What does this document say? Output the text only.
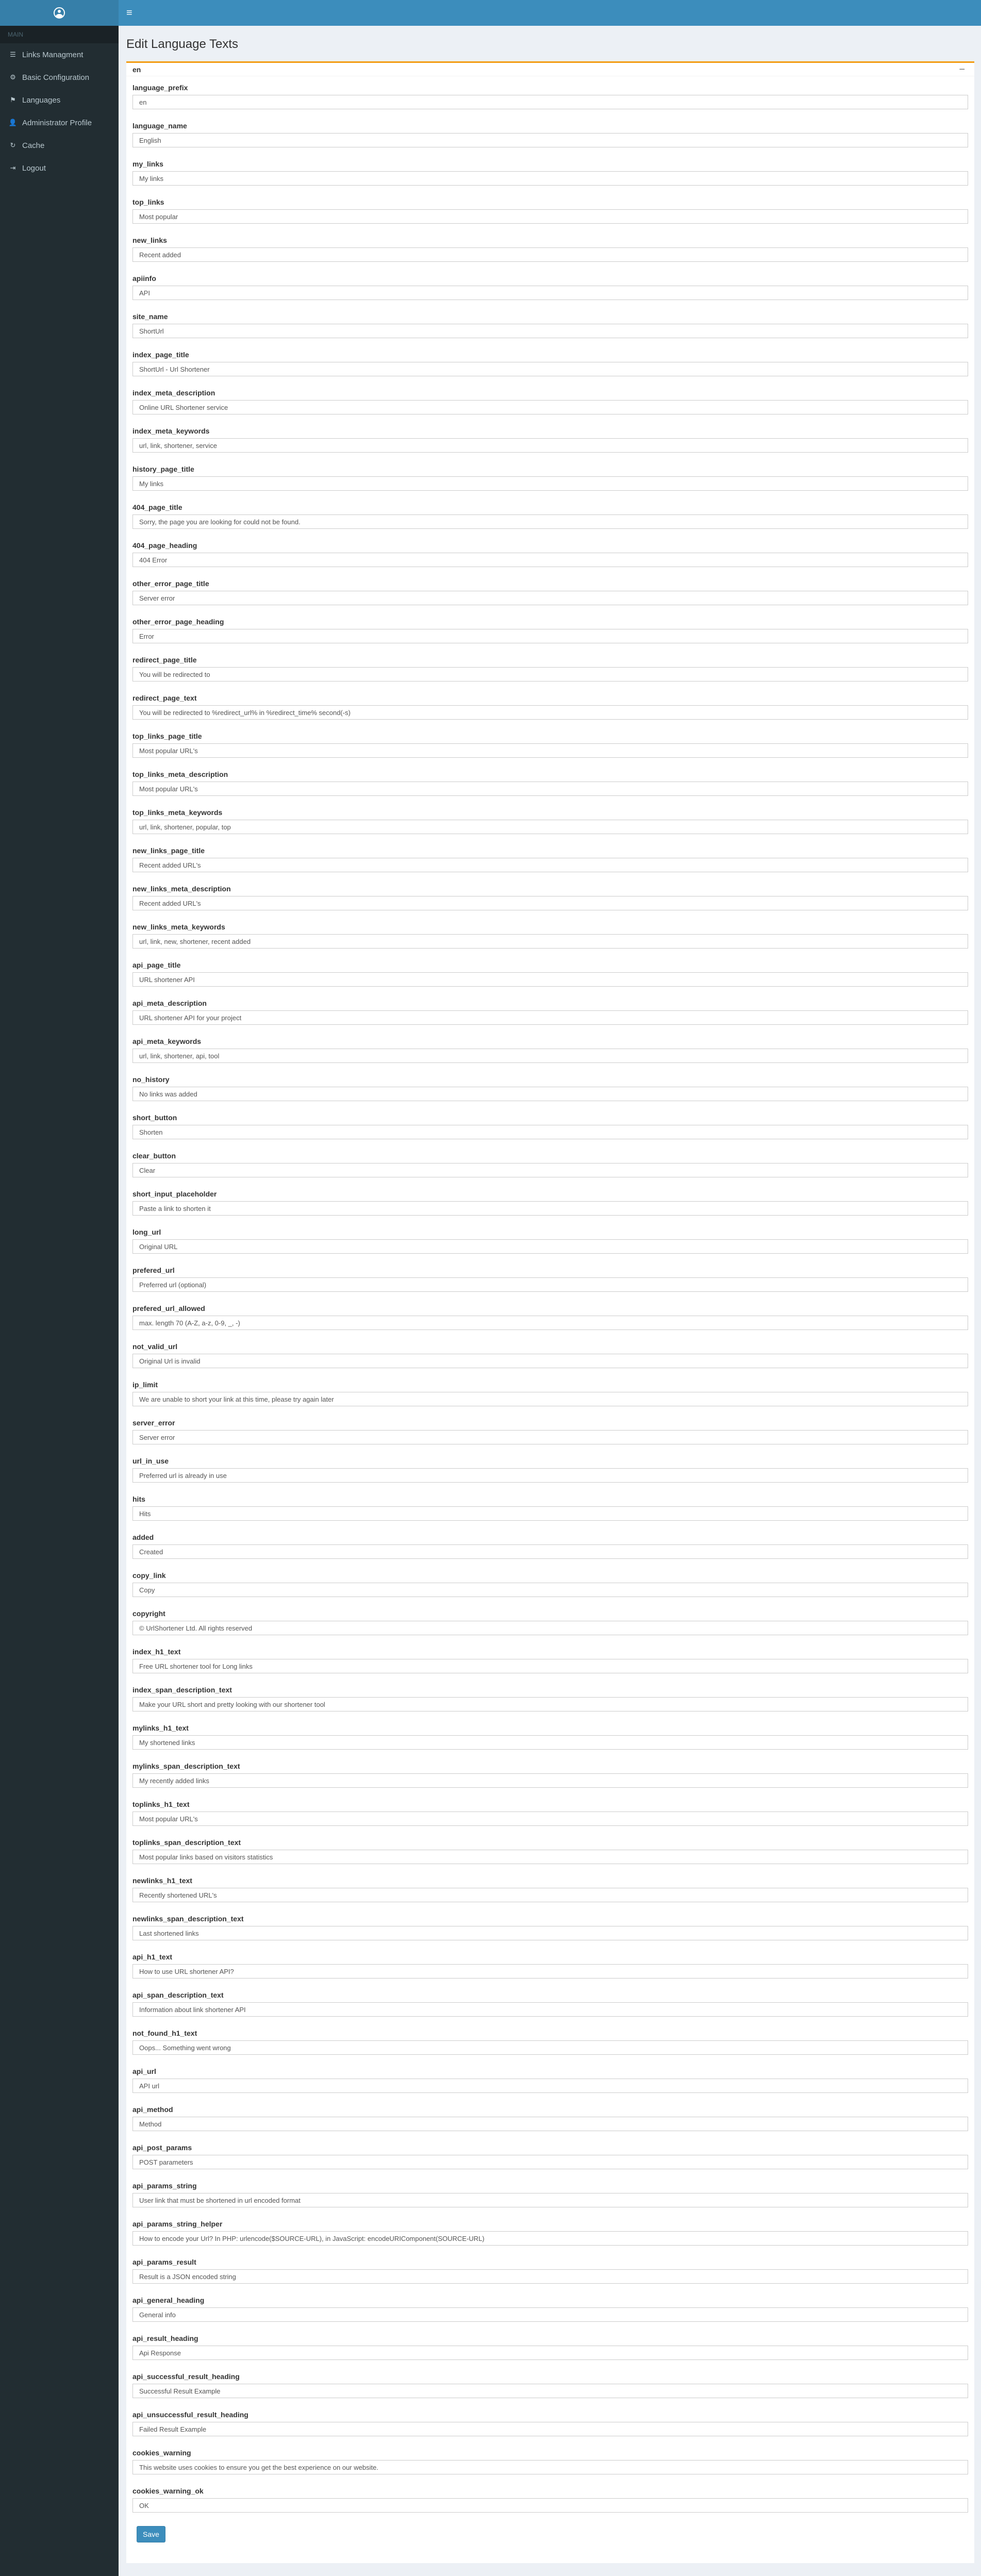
MAIN
☰ Links Managment
⚙ Basic Configuration
⚑ Languages
👤 Administrator Profile
↻ Cache
⇥ Logout
≡
Edit Language Texts
en	−
language_prefix
en
language_name
English
my_links
My links
top_links
Most popular
new_links
Recent added
apiinfo
API
site_name
ShortUrl
index_page_title
ShortUrl - Url Shortener
index_meta_description
Online URL Shortener service
index_meta_keywords
url, link, shortener, service
history_page_title
My links
404_page_title
Sorry, the page you are looking for could not be found.
404_page_heading
404 Error
other_error_page_title
Server error
other_error_page_heading
Error
redirect_page_title
You will be redirected to
redirect_page_text
You will be redirected to %redirect_url% in %redirect_time% second(-s)
top_links_page_title
Most popular URL's
top_links_meta_description
Most popular URL's
top_links_meta_keywords
url, link, shortener, popular, top
new_links_page_title
Recent added URL's
new_links_meta_description
Recent added URL's
new_links_meta_keywords
url, link, new, shortener, recent added
api_page_title
URL shortener API
api_meta_description
URL shortener API for your project
api_meta_keywords
url, link, shortener, api, tool
no_history
No links was added
short_button
Shorten
clear_button
Clear
short_input_placeholder
Paste a link to shorten it
long_url
Original URL
prefered_url
Preferred url (optional)
prefered_url_allowed
max. length 70 (A-Z, a-z, 0-9, _, -)
not_valid_url
Original Url is invalid
ip_limit
We are unable to short your link at this time, please try again later
server_error
Server error
url_in_use
Preferred url is already in use
hits
Hits
added
Created
copy_link
Copy
copyright
© UrlShortener Ltd. All rights reserved
index_h1_text
Free URL shortener tool for Long links
index_span_description_text
Make your URL short and pretty looking with our shortener tool
mylinks_h1_text
My shortened links
mylinks_span_description_text
My recently added links
toplinks_h1_text
Most popular URL's
toplinks_span_description_text
Most popular links based on visitors statistics
newlinks_h1_text
Recently shortened URL's
newlinks_span_description_text
Last shortened links
api_h1_text
How to use URL shortener API?
api_span_description_text
Information about link shortener API
not_found_h1_text
Oops... Something went wrong
api_url
API url
api_method
Method
api_post_params
POST parameters
api_params_string
User link that must be shortened in url encoded format
api_params_string_helper
How to encode your Url? In PHP: urlencode($SOURCE-URL), in JavaScript: encodeURIComponent(SOURCE-URL)
api_params_result
Result is a JSON encoded string
api_general_heading
General info
api_result_heading
Api Response
api_successful_result_heading
Successful Result Example
api_unsuccessful_result_heading
Failed Result Example
cookies_warning
This website uses cookies to ensure you get the best experience on our website.
cookies_warning_ok
OK
Save
